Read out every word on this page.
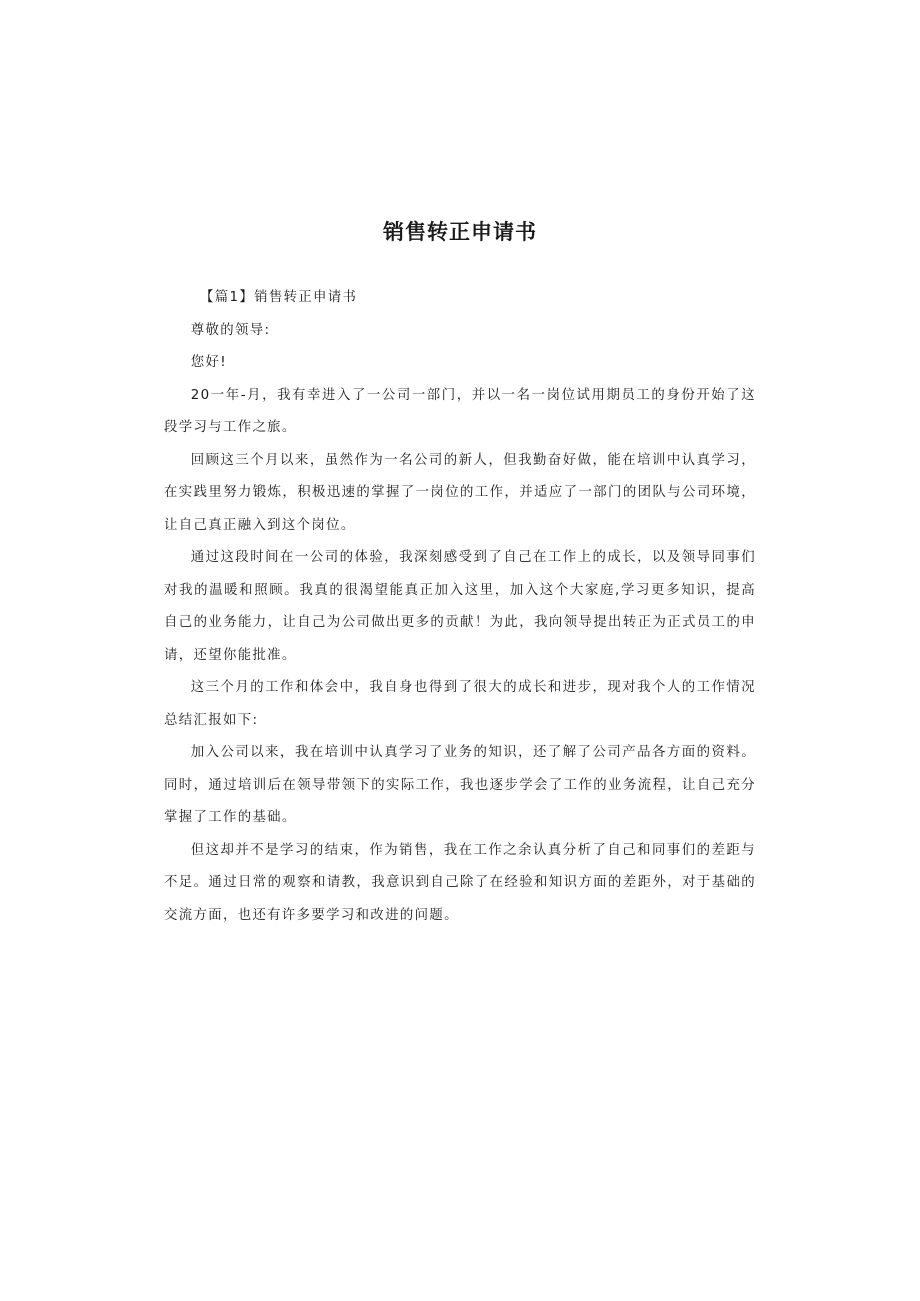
销售转正申请书

【篇1】销售转正申请书

尊敬的领导:

您好!

20一年-月，我有幸进入了一公司一部门，并以一名一岗位试用期员工的身份开始了这段学习与工作之旅。

回顾这三个月以来，虽然作为一名公司的新人，但我勤奋好做，能在培训中认真学习，在实践里努力锻炼，积极迅速的掌握了一岗位的工作，并适应了一部门的团队与公司环境，让自己真正融入到这个岗位。

通过这段时间在一公司的体验，我深刻感受到了自己在工作上的成长，以及领导同事们对我的温暖和照顾。我真的很渴望能真正加入这里，加入这个大家庭,学习更多知识，提高自己的业务能力，让自己为公司做出更多的贡献！为此，我向领导提出转正为正式员工的申请，还望你能批准。

这三个月的工作和体会中，我自身也得到了很大的成长和进步，现对我个人的工作情况总结汇报如下:

加入公司以来，我在培训中认真学习了业务的知识，还了解了公司产品各方面的资料。同时，通过培训后在领导带领下的实际工作，我也逐步学会了工作的业务流程，让自己充分掌握了工作的基础。

但这却并不是学习的结束，作为销售，我在工作之余认真分析了自己和同事们的差距与不足。通过日常的观察和请教，我意识到自己除了在经验和知识方面的差距外，对于基础的交流方面，也还有许多要学习和改进的问题。
